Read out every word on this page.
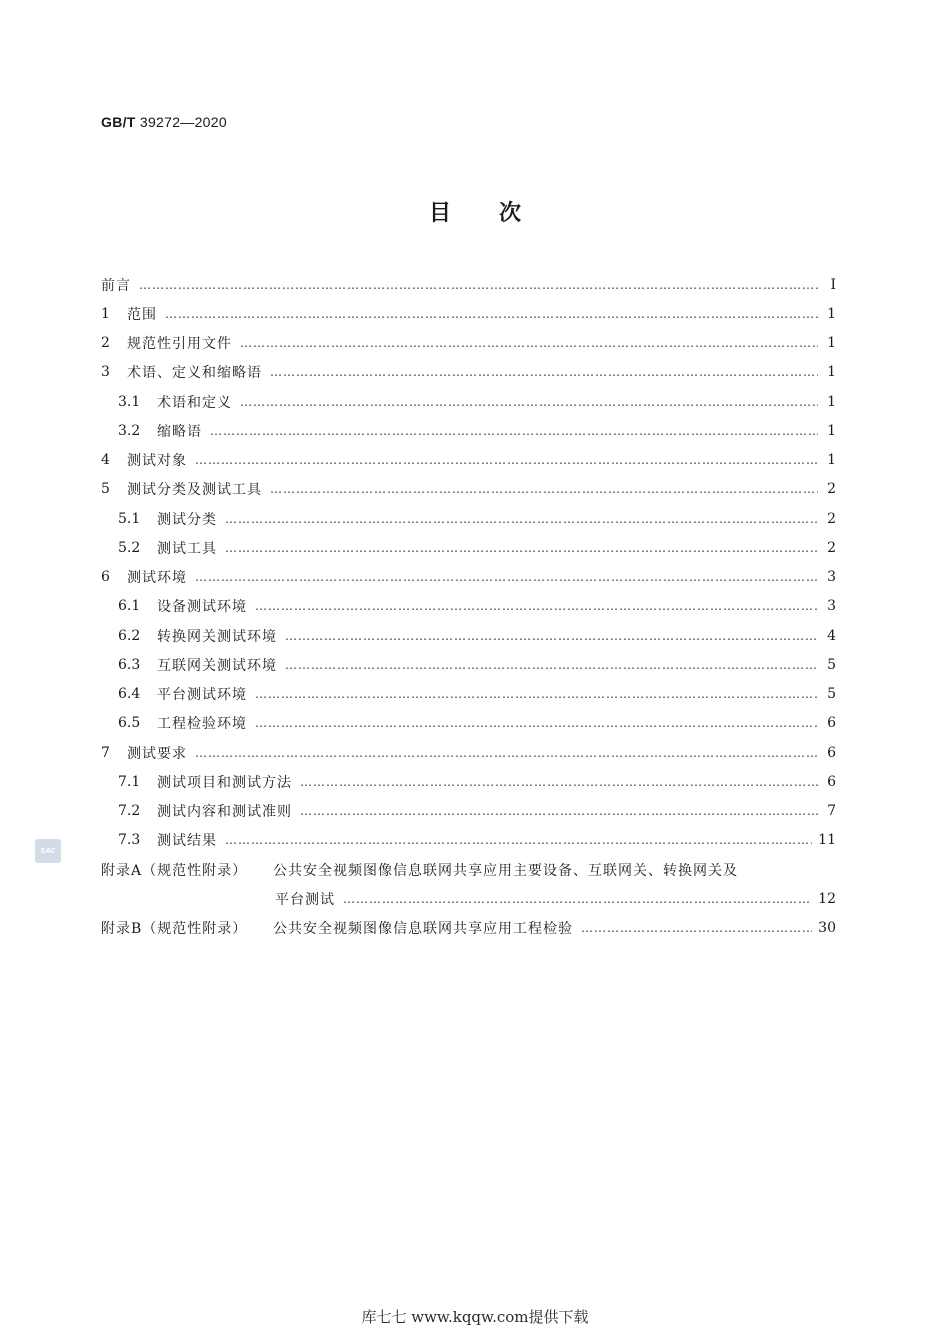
GB/T 39272—2020
目次
前言 …………………………………………………………………………………………………………………………………………………………………………………………………………………………	Ⅰ
1	范围 …………………………………………………………………………………………………………………………………………………………………………………………………………………………	1
2	规范性引用文件 …………………………………………………………………………………………………………………………………………………………………………………………………………………………	1
3	术语、定义和缩略语 …………………………………………………………………………………………………………………………………………………………………………………………………………………………	1
3.1	术语和定义 …………………………………………………………………………………………………………………………………………………………………………………………………………………………	1
3.2	缩略语 …………………………………………………………………………………………………………………………………………………………………………………………………………………………	1
4	测试对象 …………………………………………………………………………………………………………………………………………………………………………………………………………………………	1
5	测试分类及测试工具 …………………………………………………………………………………………………………………………………………………………………………………………………………………………	2
5.1	测试分类 …………………………………………………………………………………………………………………………………………………………………………………………………………………………	2
5.2	测试工具 …………………………………………………………………………………………………………………………………………………………………………………………………………………………	2
6	测试环境 …………………………………………………………………………………………………………………………………………………………………………………………………………………………	3
6.1	设备测试环境 …………………………………………………………………………………………………………………………………………………………………………………………………………………………	3
6.2	转换网关测试环境 …………………………………………………………………………………………………………………………………………………………………………………………………………………………	4
6.3	互联网关测试环境 …………………………………………………………………………………………………………………………………………………………………………………………………………………………	5
6.4	平台测试环境 …………………………………………………………………………………………………………………………………………………………………………………………………………………………	5
6.5	工程检验环境 …………………………………………………………………………………………………………………………………………………………………………………………………………………………	6
7	测试要求 …………………………………………………………………………………………………………………………………………………………………………………………………………………………	6
7.1	测试项目和测试方法 …………………………………………………………………………………………………………………………………………………………………………………………………………………………	6
7.2	测试内容和测试准则 …………………………………………………………………………………………………………………………………………………………………………………………………………………………	7
7.3	测试结果 …………………………………………………………………………………………………………………………………………………………………………………………………………………………	11
附录A（规范性附录）	公共安全视频图像信息联网共享应用主要设备、互联网关、转换网关及
平台测试 …………………………………………………………………………………………………………………………………………………………………………………………………………………………	12
附录B（规范性附录）	公共安全视频图像信息联网共享应用工程检验 …………………………………………………………………………………………………………………………………………………………………………………………………………………………	30
SAC
库七七 www.kqqw.com提供下载
